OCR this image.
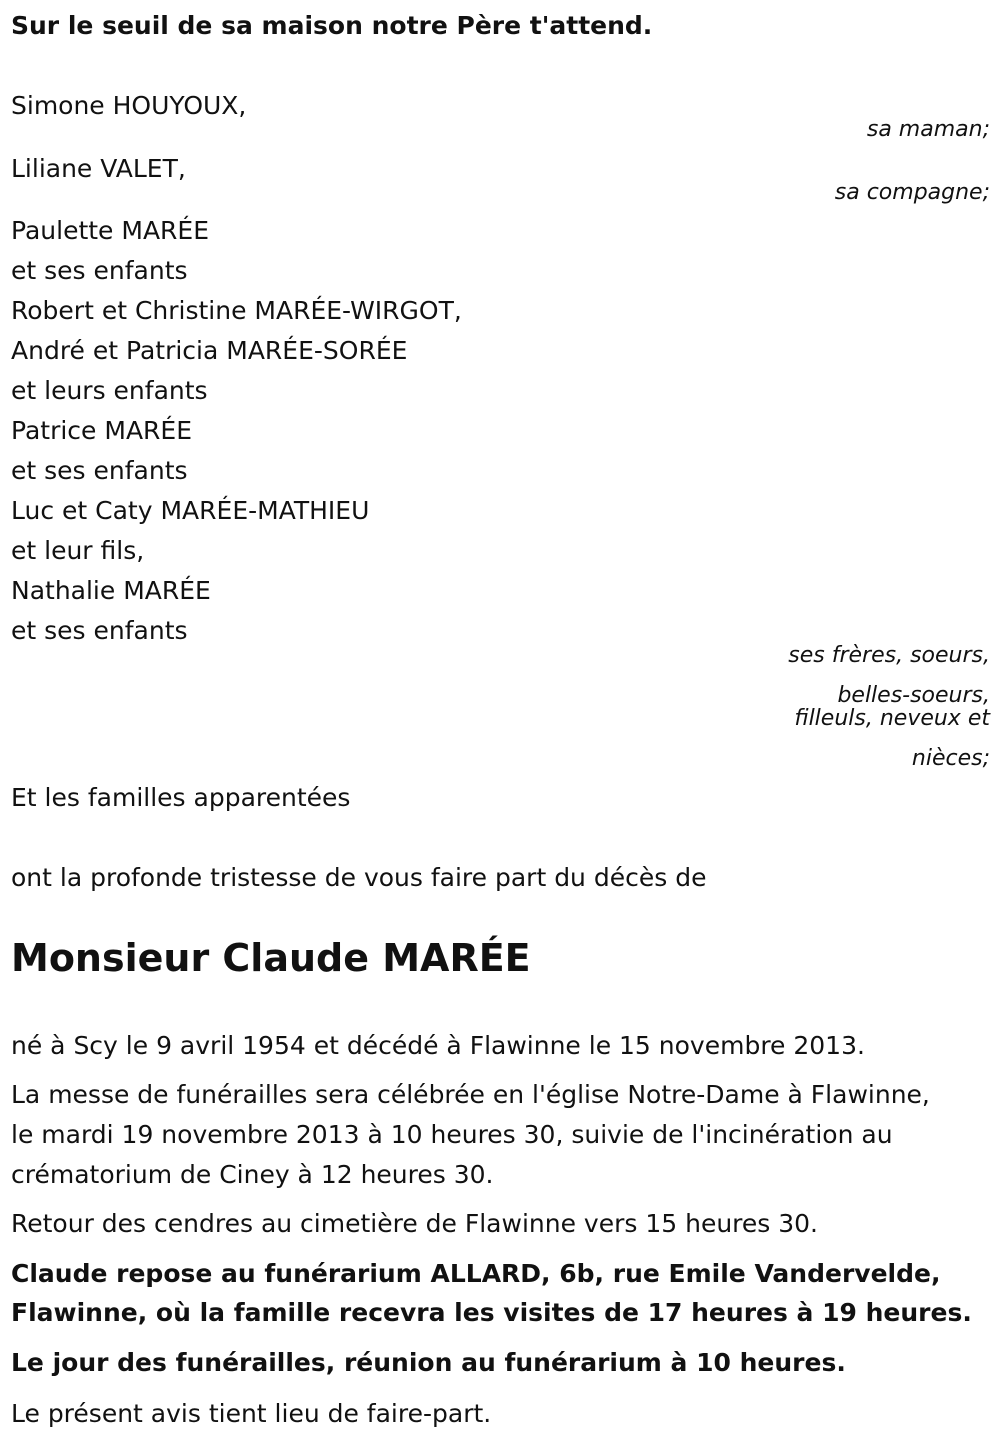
Sur le seuil de sa maison notre Père t'attend.
Simone HOUYOUX,
sa maman;
Liliane VALET,
sa compagne;
Paulette MARÉE
et ses enfants
Robert et Christine MARÉE-WIRGOT,
André et Patricia MARÉE-SORÉE
et leurs enfants
Patrice MARÉE
et ses enfants
Luc et Caty MARÉE-MATHIEU
et leur fils,
Nathalie MARÉE
et ses enfants
ses frères, soeurs,
belles-soeurs,
filleuls, neveux et
nièces;
Et les familles apparentées
ont la profonde tristesse de vous faire part du décès de
Monsieur Claude MARÉE
né à Scy le 9 avril 1954 et décédé à Flawinne le 15 novembre 2013.
La messe de funérailles sera célébrée en l'église Notre-Dame à Flawinne,
le mardi 19 novembre 2013 à 10 heures 30, suivie de l'incinération au
crématorium de Ciney à 12 heures 30.
Retour des cendres au cimetière de Flawinne vers 15 heures 30.
Claude repose au funérarium ALLARD, 6b, rue Emile Vandervelde,
Flawinne, où la famille recevra les visites de 17 heures à 19 heures.
Le jour des funérailles, réunion au funérarium à 10 heures.
Le présent avis tient lieu de faire-part.
